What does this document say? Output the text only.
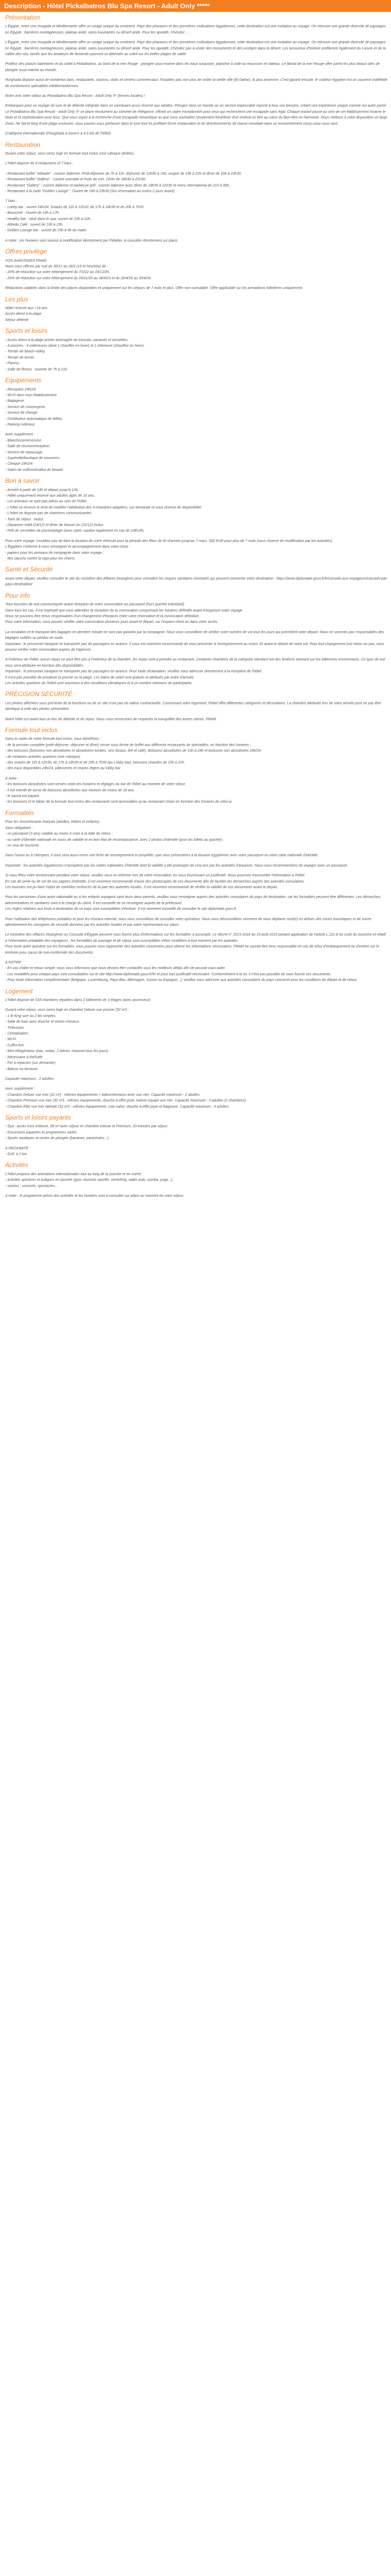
Description - Hôtel Pickalbatros Blu Spa Resort - Adult Only *****
Présentation
L'Égypte, entre une Hurgada et Méditerranée offre un visage unique du continent. Pays des pharaons et des premières civilisations égyptiennes, cette destination est une invitation au voyage. On retrouve une grande diversité de paysages en Égypte : barrières montagneuses, plateau aride, oasis luxuriantes ou désert aride. Pour les apotafé, n'hésitez ...
L'Égypte, entre une Hurgada et Méditerranée offre un visage unique du continent. Pays des pharaons et des premières civilisations égyptiennes, cette destination est une invitation au voyage. On retrouve une grande diversité de paysages en Égypte : barrières montagneuses, plateau aride, oasis luxuriantes ou désert aride. Pour les apotafé, n'hésitez pas à visiter des monuments et des vestiges dans le désert. Les amoureux d'histoire profiteront également du Louvre et de la vallée des rois, tandis que les amateurs de farniente pourront se détendre au soleil sur les belles plages de sable.
Profitez des plaisirs balnéaires et du soleil à Pickalbatros, au bord de la mer Rouge : plongée sous-marine dans les eaux turquoise, plancher à voile ou excursion en bateau. Le littoral de la mer Rouge offre parmi les plus beaux sites de plongée sous-marine au monde.
Hurghada dispose aussi de nombreux bars, restaurants, casinos, clubs et centres commerciaux. N'oubliez pas non plus de visiter la vieille ville (El Dahar), la plus ancienne. C'est garanti ensuite, le coûteur égyptien est un souvenir indélébile de nombreuses spécialités méditerranéennes.
Notre avis votre séjour au Pickalbatros Blu Spa Resort - Adult Only 5* (termes locales) !
Embarquez pour un voyage de luxe et de détente intégrale dans un sanctuaire aussi réservé aux adultes. Plongez dans un monde où un service impeccable répond à tous vos besoins, créant une expérience unique comme nul autre pareil. Le Pickalbatros Blu Spa Resort - Adult Only 5* se place résolument au sommet de l'élégance, offrant un cadre exceptionnel pour ceux qui recherchent une escapade sans égal. Chaque instant passé au sein de cet établissement incarne le faste et la sophistication pour tous. Que vous soyez à la recherche d'une escapade romantique ou que vous souhaitiez simplement bénéficier d'un endroit où être au cœur du bien-être en harmonie. Nous mettons à votre disposition un large choix. Ne fait-le long d'une plage exclusive, vous pouvez vous prélasser dans le luxe tout en profitant d'une restauration et de divertissements de classe mondiale dans un environnement conçu pour vous ravir.
(Catégorie internationale d'Hurghada à travers à 4,0 km de l'hôtel)
Restauration
Durant votre séjour, vous serez logé en formule tout inclus (voir rubrique dédiée).
L'hôtel dispose de 4 restaurants et 7 bars :
- Restaurant buffet "Abbade" : cuisine italienne. Petit-déjeuner de 7h à 11h, déjeuner de 12h30 à 15h, souper de 19h à 22h et dîner de 19h à 23h30.
- Restaurant buffet "Gallery" : cuisine orientale et fruits de mer. Dîner de 18h30 à 21h30.
- Restaurant "Gallery" : cuisine italienne et barbecue grill : cuisine italienne avec dîner de 18h30 à 21h30 et menu international de 21h à 00h.
- Restaurant à la carte "Golden Lounge" : Ouvert de 19h à 23h30 (Sur réservation au moins 2 jours avant).
7 bars :
- Lobby bar : ouvert 24h/24. Snacks de 11h à 12h30, de 17h à 18h30 et de 20h à 7h30
- Bourcinet : Ouvert de 10h à 17h.
- Healthy bar : situé dans le spa, ouvert de 10h à 22h.
- Alfredo Café : ouvert de 10h à 23h.
- Golden Lounge bar : ouvert de 23h à 4h du matin.
A noter : les horaires sont soumis à modification directement par l'hôtelier, à consulter directement sur place.
Offres privilège
VOS AVANTAGES FRAM
Nous vous offrons par nuit du 30/12 au 28/2 (16 et heurbés) de :
- 20% de réduction sur votre hébergement du 7/1/22 au 16/12/26.
- 25% de réduction sur votre hébergement du 20/11/26 au 28/4/23 et du 26/4/26 au 30/4/26.
Réductions valables dans la limite des places disponibles et uniquement sur les séjours de 7 nuits et plus. Offre non cumulable. Offre applicable sur les prestations hôtelières uniquement.
Les plus
Hôtel réservé aux +16 ans
Accès direct à la plage
Séjour détente
Sports et loisirs
- Accès direct à la plage privée aménagée de transats, parasols et serviettes.
- 4 piscines : 4 extérieures (dont 1 chauffée en hiver) et 1 intérieure (chauffée en hiver).
- Terrain de beach-volley.
- Terrain de tennis.
- Fitness.
- Salle de fitness : ouverte de 7h à 21h.
Equipements
- Réception 24h/24.
- Wi-Fi dans tout l'établissement.
- Bagagerie.
- Service de conciergerie.
- Service de change.
- Distributeur automatique de billets.
- Parking extérieur.
Avec supplément :
- Blanchisserie/service.
- Salle de réunion/réception.
- Service de repassage.
- Supérette/boutique de souvenirs.
- Clinique 24h/24.
- Salon de coiffure/institut de beauté.
Bon à savoir
- Arrivée à partir de 14h et départ jusqu'à 12h.
- Hôtel uniquement réservé aux adultes âgés de 16 ans.
- Les animaux ne sont pas admis au sein de l'hôtel.
- L'hôtel se réserve le droit de modifier l'attribution des 4 chambres adaptées, sur demande et sous réserve de disponibilité.
- L'hôtel ne dispose pas de chambres communicantes.
- Taxe de séjour : inclus.
- Dépanner Voldi (24/12) et dîner de Nouvel An (31/12) inclus.
- Prêt de serviettes de piscine/plage (avec carte, caution également en cas de 10EUR).
Pour votre voyage, n'oubliez pas de faire la location de votre véhicule pour la période des fêtes de fin d'année jusqu'au 7 mars, 500 EUR pour plus de 7 nuits (sous réserve de modification par les autorités).
L'Égyptien s'informe à vous renseigner et accompagnement dans votre choix :
- papiers pour les animaux de compagnie dans votre voyage ;
- des vaccins contre la rage pour les chiens.
Santé et Sécurité
Avant votre départ, veuillez consulter le site du ministère des Affaires étrangères pour connaître les risques sanitaires éventuels qui peuvent concerner votre destination : https://www.diplomatie.gouv.fr/fr/conseils-aux-voyageurs/conseils-par-pays-destination/
Pour info
Tous touristes de nuit communiquée avant réception de votre convocation au passeport (hors guichet individuel).
Dans tous les cas, il est impératif que vous attendiez la réception de la convocation comprenant les horaires définitifs avant d'organiser votre voyage.
Nous ne pouvons être tenus responsables d'un changement d'horaires entre votre réservation et la convocation définitive.
Pour votre information, vous pouvez vérifier votre convocation plusieurs jours avant le départ, sur l'espace client ou dans votre accès.
La circulation et le transport des bagages en dernière minute ne sont pas garantis par la compagnie. Nous vous conseillons de vérifier votre numéro de vol tous les jours qui précèdent votre départ. Nous ne sommes pas responsables des bagages oubliés ou perdus en route.
Important : le personnel navigant ne transporte pas de passagers en avance. Il vous est vivement recommandé de vous présenter à l'enregistrement au moins 2h avant le départ de votre vol. Pour tout changement (vol retour ou pas, vous pouvez vérifier votre convocation auprès de l'agence).
A l'intérieur de l'hôtel, aucun repas ne peut être pris à l'extérieur de la chambre, les repas sont à prendre au restaurant. Certaines chambres de la catégorie standard ont des fenêtres donnant sur les bâtiments environnants. Ce type de vue vous sera attribuée en fonction des disponibilités.
Important : le personnel navigant ne transporte pas de passagers en avance. Pour toute réclamation, veuillez vous adresser directement à la réception de l'hôtel.
Il n'est pas possible de privatiser la piscine ou la plage. Les bains de soleil sont gratuits et attribués par ordre d'arrivée.
Les activités sportives de l'hôtel sont soumises à des conditions climatiques et à un nombre minimum de participants.
PRÉCISION SÉCURITÉ
Les photos affichées sous pré-texte de la brochure ou de ce site n'ont pas de valeur contractuelle. Concernant votre logement, l'hôtel offre différentes catégories et décorations. La chambre attribuée lors de votre arrivée peut ne pas être identique à celle des photos présentées.
Notre hôtel est avant tout un lieu de détente et de repos. Nous vous remercions de respecter la tranquillité des autres clients. FRAM.
Formule tout inclus
Dans le cadre de notre formule tout inclus, vous bénéficiez :
- de la pension complète (petit-déjeuner, déjeuner et dîner) servie sous forme de buffet aux différents restaurants de spécialités, en fonction des horaires ;
- des boissons (boissons non alcoolisées et alcoolisées locales, vins locaux, thé et café). Boissons alcoolisées de 10h à 24h et boissons non alcoolisées 24h/24.
- de certaines activités sportives (voir rubrique).
- des snacks de 11h à 12h30, de 17h à 18h30 et de 20h à 7h30 (au Lobby bar), boissons chaudes de 15h à 22h.
- des eaux disponibles 24h/24, pâtisseries et snacks légers au lobby bar.
A noter :
- les boissons alcoolisées sont servies selon les horaires et réglages du bar de l'hôtel au moment de votre séjour.
- il est interdit de servir de boissons alcoolisées aux mineurs de moins de 18 ans.
- le sauna est payant.
- les boissons et le tabac de la formule tout inclus des restaurants sont accessibles qu'au restaurant choisi en fonction des horaires de celui-ci.
Formalités
Pour les ressortissants français (adultes, bébés et enfants) :
Sans obligatoire :
- un passeport (3 ans) valable au moins 6 mois à la date de retour ;
- ou carte d'identité nationale en cours de validité et en bon état de reconnaissance, avec 2 photos d'identité (pour les billets au guichet) ;
- un visa de tourisme.
Dans l'avion ou à l'aéroport, il vous sera aussi remis une fiche de renseignement à compléter, que vous présenterez à la douane égyptienne avec votre passeport ou votre carte nationale d'identité.
Important : les autorités égyptiennes n'acceptent pas les cartes nationales d'identité dont la validité a été prolongée de cinq ans par les autorités françaises. Nous vous recommandons de voyager avec un passeport.
Si vous fêtez votre anniversaire pendant votre séjour, veuillez nous en informer lors de votre réservation, en nous fournissant un justificatif. Nous pourrons transmettre l'information à l'hôtel.
En cas de perte ou de vol de vos papiers d'identité, il est vivement recommandé d'avoir des photocopies de ces documents afin de faciliter les démarches auprès des autorités consulaires.
Les touristes ont pu faire l'objet de contrôles renforcés de la part des autorités locales. Il est vivement recommandé de vérifier la validité de vos documents avant le départ.
Pour les personnes d'une autre nationalité ou si les enfants voyagent sans leurs deux parents, veuillez vous renseigner auprès des autorités consulaires du pays de destination, car les formalités peuvent être différentes. Les démarches administratives et sanitaires sont à la charge du client. Il est conseillé de se renseigner auprès de la préfecture.
Les règles relatives aux tests à destination de ce pays sont susceptibles d'évoluer. Il est vivement conseillé de consulter le site diplomatie.gouv.fr.
Pour l'utilisation des téléphones portables et pour les réseaux internet, nous vous conseillons de consulter votre opérateur. Nous vous déconseillons vivement de vous déplacer seul(e) en dehors des zones touristiques et de suivre attentivement les consignes de sécurité données par les autorités locales et par notre représentant sur place.
Le ministère des Affaires étrangères ou Consulat d'Égypte peuvent vous fournir plus d'informations sur les formalités à accomplir. Le décret n° 2015-1016 du 19 août 2015 portant application de l'article L.211-8 du code du tourisme et relatif à l'information préalable des voyageurs ; les formalités de passage et de séjour sont susceptibles d'être modifiées à tout moment par les autorités.
Pour toute autre question sur les formalités, vous pouvez vous rapprocher des autorités concernées pour obtenir les informations nécessaires. FRAM ne saurait être tenu responsable en cas de refus d'embarquement ou d'entrée sur le territoire pour cause de non-conformité des documents.
A NOTER :
- En cas d'aller et retour simple, nous vous informons que nous devons être contactés sous les meilleurs délais afin de pouvoir vous aider.
- Les modalités pour chaque pays sont consultables sur le site http://www.diplomatie.gouv.fr/fr/ et pour tout justificatif nécessaire. Conformément à la loi, il n'est pas possible de vous fournir ces documents.
- Pour toute information complémentaire (Belgique, Luxembourg, Pays-Bas, Allemagne, Suisse ou Espagne...), veuillez vous adresser aux autorités consulaires du pays concerné pour les conditions de départ et de retour.
Logement
L'hôtel dispose de 318 chambres réparties dans 2 bâtiments de 3 étages (avec ascenseur).
Durant votre séjour, vous serez logé en chambre Deluxe vue piscine (32 m²) :
- 1 lit King size ou 2 lits simples.
- Salle de bain avec douche et sèche-cheveux.
- Télévision.
- Climatisation.
- Wi-Fi.
- Coffre-fort.
- Mini-réfrigérateur (eau, sodas, 2 bières, réassort tous les jours).
- Nécessaire à thé/café.
- Fer à repasser (sur demande).
- Balcon ou terrasse.
Capacité maximum : 2 adultes.
Avec supplément :
- Chambre Deluxe vue mer (32 m²) : mêmes équipements + balcon/terrasse avec vue mer. Capacité maximum : 2 adultes.
- Chambre Premium vue mer (32 m²) : mêmes équipements, douche à effet pluie, balcon équipé vue mer. Capacité maximum : 3 adultes (2 chambres).
- Chambre Elite vue mer latérale (32 m²) : mêmes équipements, coin salon, douche à effet pluie et baignoire. Capacité maximum : 3 adultes.
Sports et loisirs payants
- Spa : accès hors enfance, 28 m² avec séjour en chambre Deluxe et Premium, 20 minutes par séjour.
- Excursions payantes et programmes variés.
- Sports nautiques et centre de plongée (bananes, parachutes...).
A PROXIMITÉ :
- Golf, à 2 km.
Activités
L'hôtel propose des animations internationales tout au long de la journée et en soirée :
- activités sportives et ludiques en journée (gym, tournois sportifs, stretching, water polo, zumba, yoga...).
- soirées : concerts, spectacles...
A noter : le programme précis des activités et les horaires sont à consulter sur place au moment de votre séjour.
